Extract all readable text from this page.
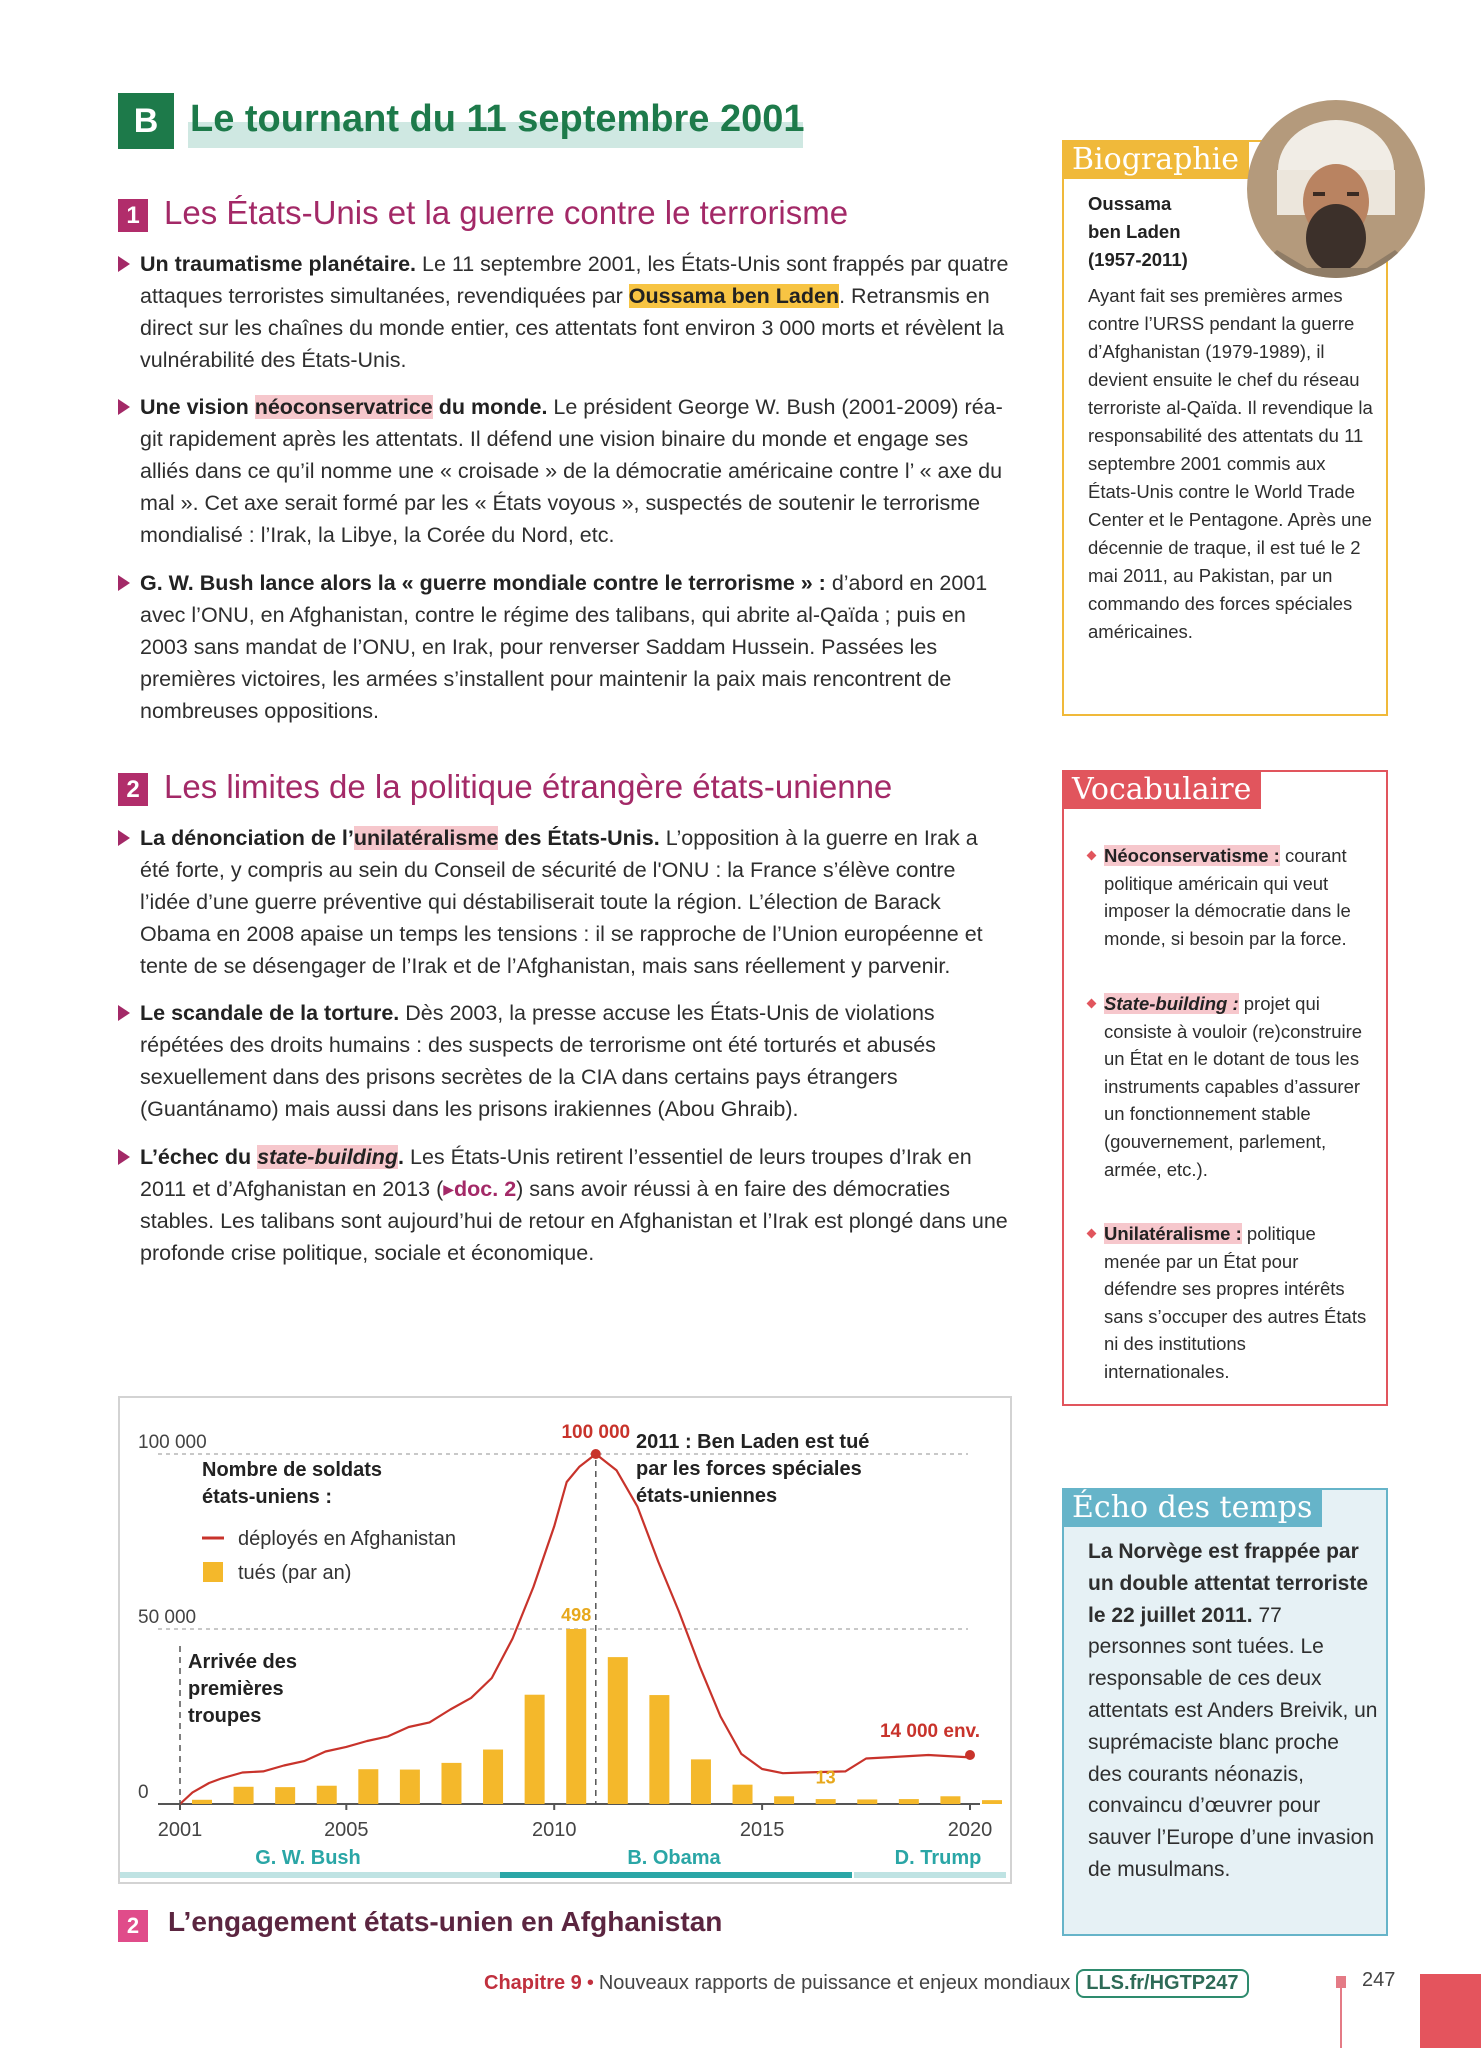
B Le tournant du 11 septembre 2001
1 Les États-Unis et la guerre contre le terrorisme
Un traumatisme planétaire. Le 11 septembre 2001, les États-Unis sont frappés par quatre attaques terroristes simultanées, revendiquées par Oussama ben Laden. Retransmis en direct sur les chaînes du monde entier, ces attentats font environ 3 000 morts et révèlent la vulnérabilité des États-Unis.
Une vision néoconservatrice du monde. Le président George W. Bush (2001-2009) réagit rapidement après les attentats. Il défend une vision binaire du monde et engage ses alliés dans ce qu’il nomme une « croisade » de la démocratie américaine contre l’ « axe du mal ». Cet axe serait formé par les « États voyous », suspectés de soutenir le terrorisme mondialisé : l’Irak, la Libye, la Corée du Nord, etc.
G. W. Bush lance alors la « guerre mondiale contre le terrorisme » : d’abord en 2001 avec l’ONU, en Afghanistan, contre le régime des talibans, qui abrite al-Qaïda ; puis en 2003 sans mandat de l’ONU, en Irak, pour renverser Saddam Hussein. Passées les premières victoires, les armées s’installent pour maintenir la paix mais rencontrent de nombreuses oppositions.
2 Les limites de la politique étrangère états-unienne
La dénonciation de l’unilatéralisme des États-Unis. L’opposition à la guerre en Irak a été forte, y compris au sein du Conseil de sécurité de l'ONU : la France s’élève contre l’idée d’une guerre préventive qui déstabiliserait toute la région. L’élection de Barack Obama en 2008 apaise un temps les tensions : il se rapproche de l’Union européenne et tente de se désengager de l’Irak et de l’Afghanistan, mais sans réellement y parvenir.
Le scandale de la torture. Dès 2003, la presse accuse les États-Unis de violations répétées des droits humains : des suspects de terrorisme ont été torturés et abusés sexuellement dans des prisons secrètes de la CIA dans certains pays étrangers (Guantánamo) mais aussi dans les prisons irakiennes (Abou Ghraib).
L’échec du state-building. Les États-Unis retirent l’essentiel de leurs troupes d’Irak en 2011 et d’Afghanistan en 2013 (▸doc. 2) sans avoir réussi à en faire des démocraties stables. Les talibans sont aujourd’hui de retour en Afghanistan et l’Irak est plongé dans une profonde crise politique, sociale et économique.
Biographie
Oussama
ben Laden
(1957-2011)
Ayant fait ses premières armes contre l’URSS pendant la guerre d’Afghanistan (1979-1989), il devient ensuite le chef du réseau terroriste al-Qaïda. Il revendique la responsabilité des attentats du 11 septembre 2001 commis aux États-Unis contre le World Trade Center et le Pentagone. Après une décennie de traque, il est tué le 2 mai 2011, au Pakistan, par un commando des forces spéciales américaines.
Vocabulaire
Néoconservatisme : courant politique américain qui veut imposer la démocratie dans le monde, si besoin par la force.
State-building : projet qui consiste à vouloir (re)construire un État en le dotant de tous les instruments capables d’assurer un fonctionnement stable (gouvernement, parlement, armée, etc.).
Unilatéralisme : politique menée par un État pour défendre ses propres intérêts sans s’occuper des autres États ni des institutions internationales.
Écho des temps
La Norvège est frappée par un double attentat terroriste le 22 juillet 2011. 77 personnes sont tuées. Le responsable de ces deux attentats est Anders Breivik, un suprémaciste blanc proche des courants néonazis, convaincu d’œuvrer pour sauver l’Europe d’une invasion de musulmans.
0
50 000
100 000
2001	2005	2010	2015	2020
100 000
498
13
14 000 env.
2011 : Ben Laden est tué
par les forces spéciales
états-uniennes
Arrivée des
premières
troupes
Nombre de soldats
états-uniens :
déployés en Afghanistan
tués (par an)
G. W. Bush	B. Obama	D. Trump
2	L’engagement états-unien en Afghanistan
Chapitre 9 • Nouveaux rapports de puissance et enjeux mondiaux LLS.fr/HGTP247	247
